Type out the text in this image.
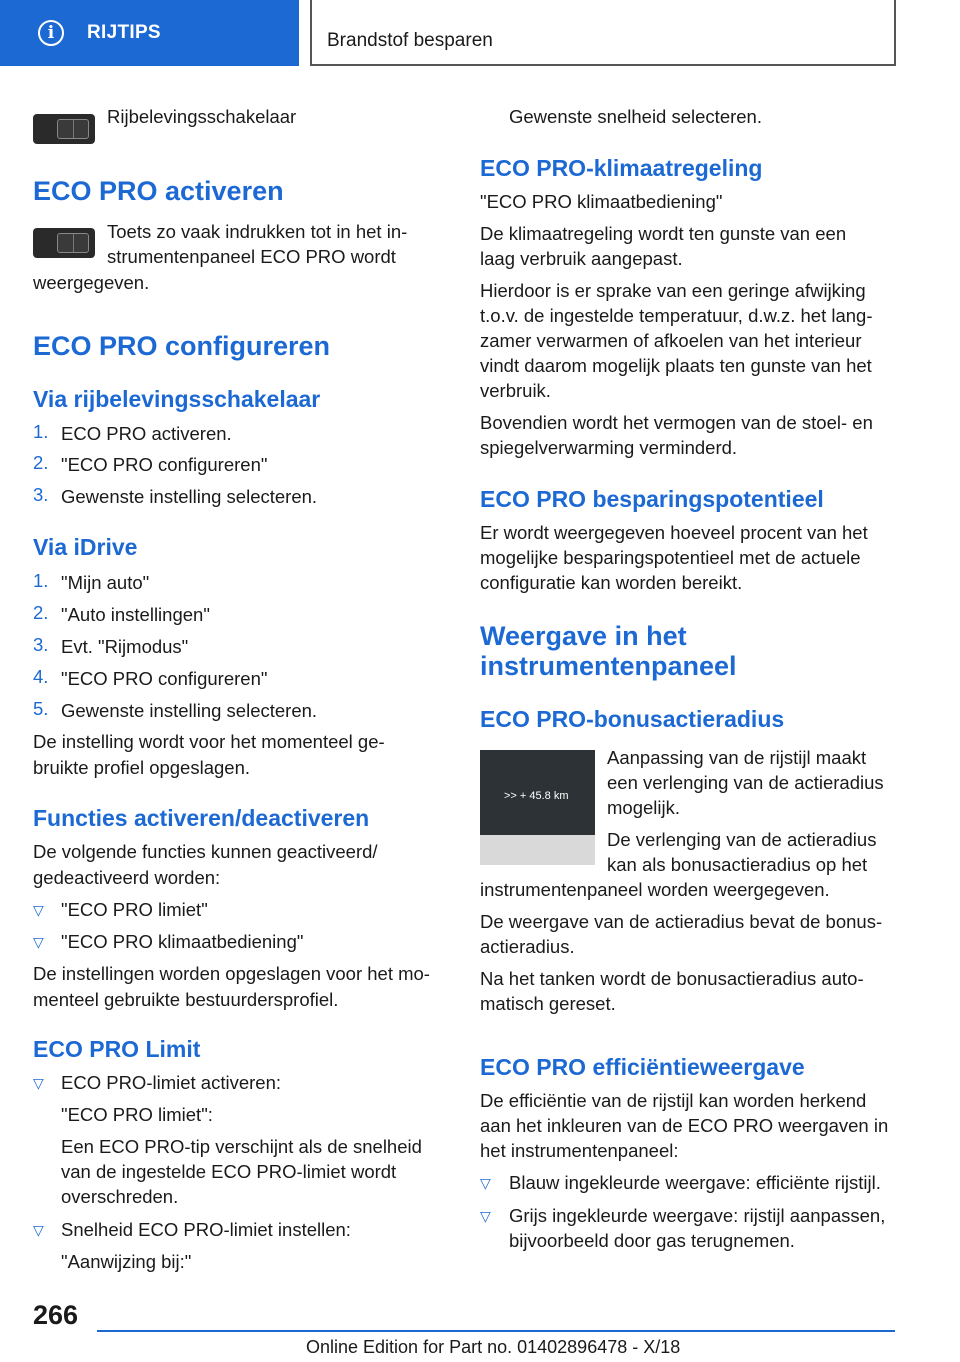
i	RIJTIPS	Brandstof besparen
Rijbelevingsschakelaar
ECO PRO activeren
Toets zo vaak indrukken tot in het in-
strumentenpaneel ECO PRO wordt
weergegeven.
ECO PRO configureren
Via rijbelevingsschakelaar
1. ECO PRO activeren.
2. "ECO PRO configureren"
3. Gewenste instelling selecteren.
Via iDrive
1. "Mijn auto"
2. "Auto instellingen"
3. Evt. "Rijmodus"
4. "ECO PRO configureren"
5. Gewenste instelling selecteren.
De instelling wordt voor het momenteel ge-
bruikte profiel opgeslagen.
Functies activeren/deactiveren
De volgende functies kunnen geactiveerd/
gedeactiveerd worden:
▽ "ECO PRO limiet"
▽ "ECO PRO klimaatbediening"
De instellingen worden opgeslagen voor het mo-
menteel gebruikte bestuurdersprofiel.
ECO PRO Limit
▽ ECO PRO-limiet activeren:
"ECO PRO limiet":
Een ECO PRO-tip verschijnt als de snelheid
van de ingestelde ECO PRO-limiet wordt
overschreden.
▽ Snelheid ECO PRO-limiet instellen:
"Aanwijzing bij:"
Gewenste snelheid selecteren.
ECO PRO-klimaatregeling
"ECO PRO klimaatbediening"
De klimaatregeling wordt ten gunste van een
laag verbruik aangepast.
Hierdoor is er sprake van een geringe afwijking
t.o.v. de ingestelde temperatuur, d.w.z. het lang-
zamer verwarmen of afkoelen van het interieur
vindt daarom mogelijk plaats ten gunste van het
verbruik.
Bovendien wordt het vermogen van de stoel- en
spiegelverwarming verminderd.
ECO PRO besparingspotentieel
Er wordt weergegeven hoeveel procent van het
mogelijke besparingspotentieel met de actuele
configuratie kan worden bereikt.
Weergave in het
instrumentenpaneel
ECO PRO-bonusactieradius
>> + 45.8 km
Aanpassing van de rijstijl maakt
een verlenging van de actieradius
mogelijk.
De verlenging van de actieradius
kan als bonusactieradius op het
instrumentenpaneel worden weergegeven.
De weergave van de actieradius bevat de bonus-
actieradius.
Na het tanken wordt de bonusactieradius auto-
matisch gereset.
ECO PRO efficiëntieweergave
De efficiëntie van de rijstijl kan worden herkend
aan het inkleuren van de ECO PRO weergaven in
het instrumentenpaneel:
▽ Blauw ingekleurde weergave: efficiënte rijstijl.
▽ Grijs ingekleurde weergave: rijstijl aanpassen,
bijvoorbeeld door gas terugnemen.
266
Online Edition for Part no. 01402896478 - X/18
